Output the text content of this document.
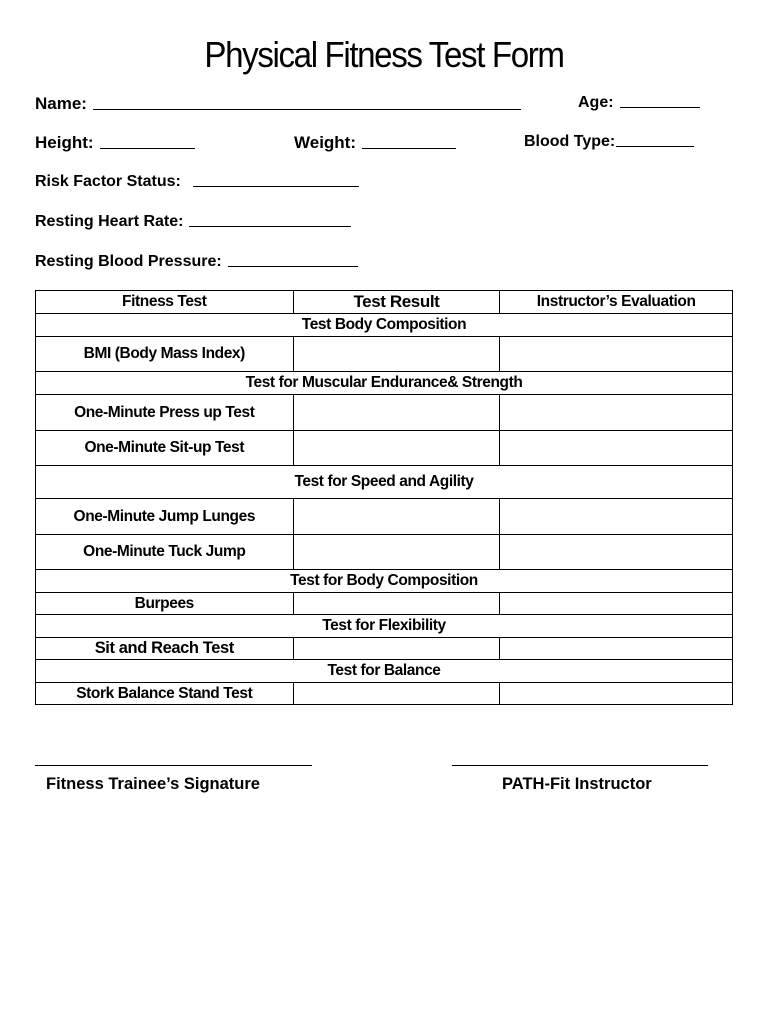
Physical Fitness Test Form
Name:	Age:
Height:	Weight:	Blood Type:
Risk Factor Status:
Resting Heart Rate:
Resting Blood Pressure:
Fitness Test	Test Result	Instructor’s Evaluation
Test Body Composition		
BMI (Body Mass Index)		
Test for Muscular Endurance& Strength		
One-Minute Press up Test		
One-Minute Sit-up Test		
Test for Speed and Agility		
One-Minute Jump Lunges		
One-Minute Tuck Jump		
Test for Body Composition		
Burpees		
Test for Flexibility		
Sit and Reach Test		
Test for Balance		
Stork Balance Stand Test		
Fitness Trainee’s Signature	PATH-Fit Instructor
